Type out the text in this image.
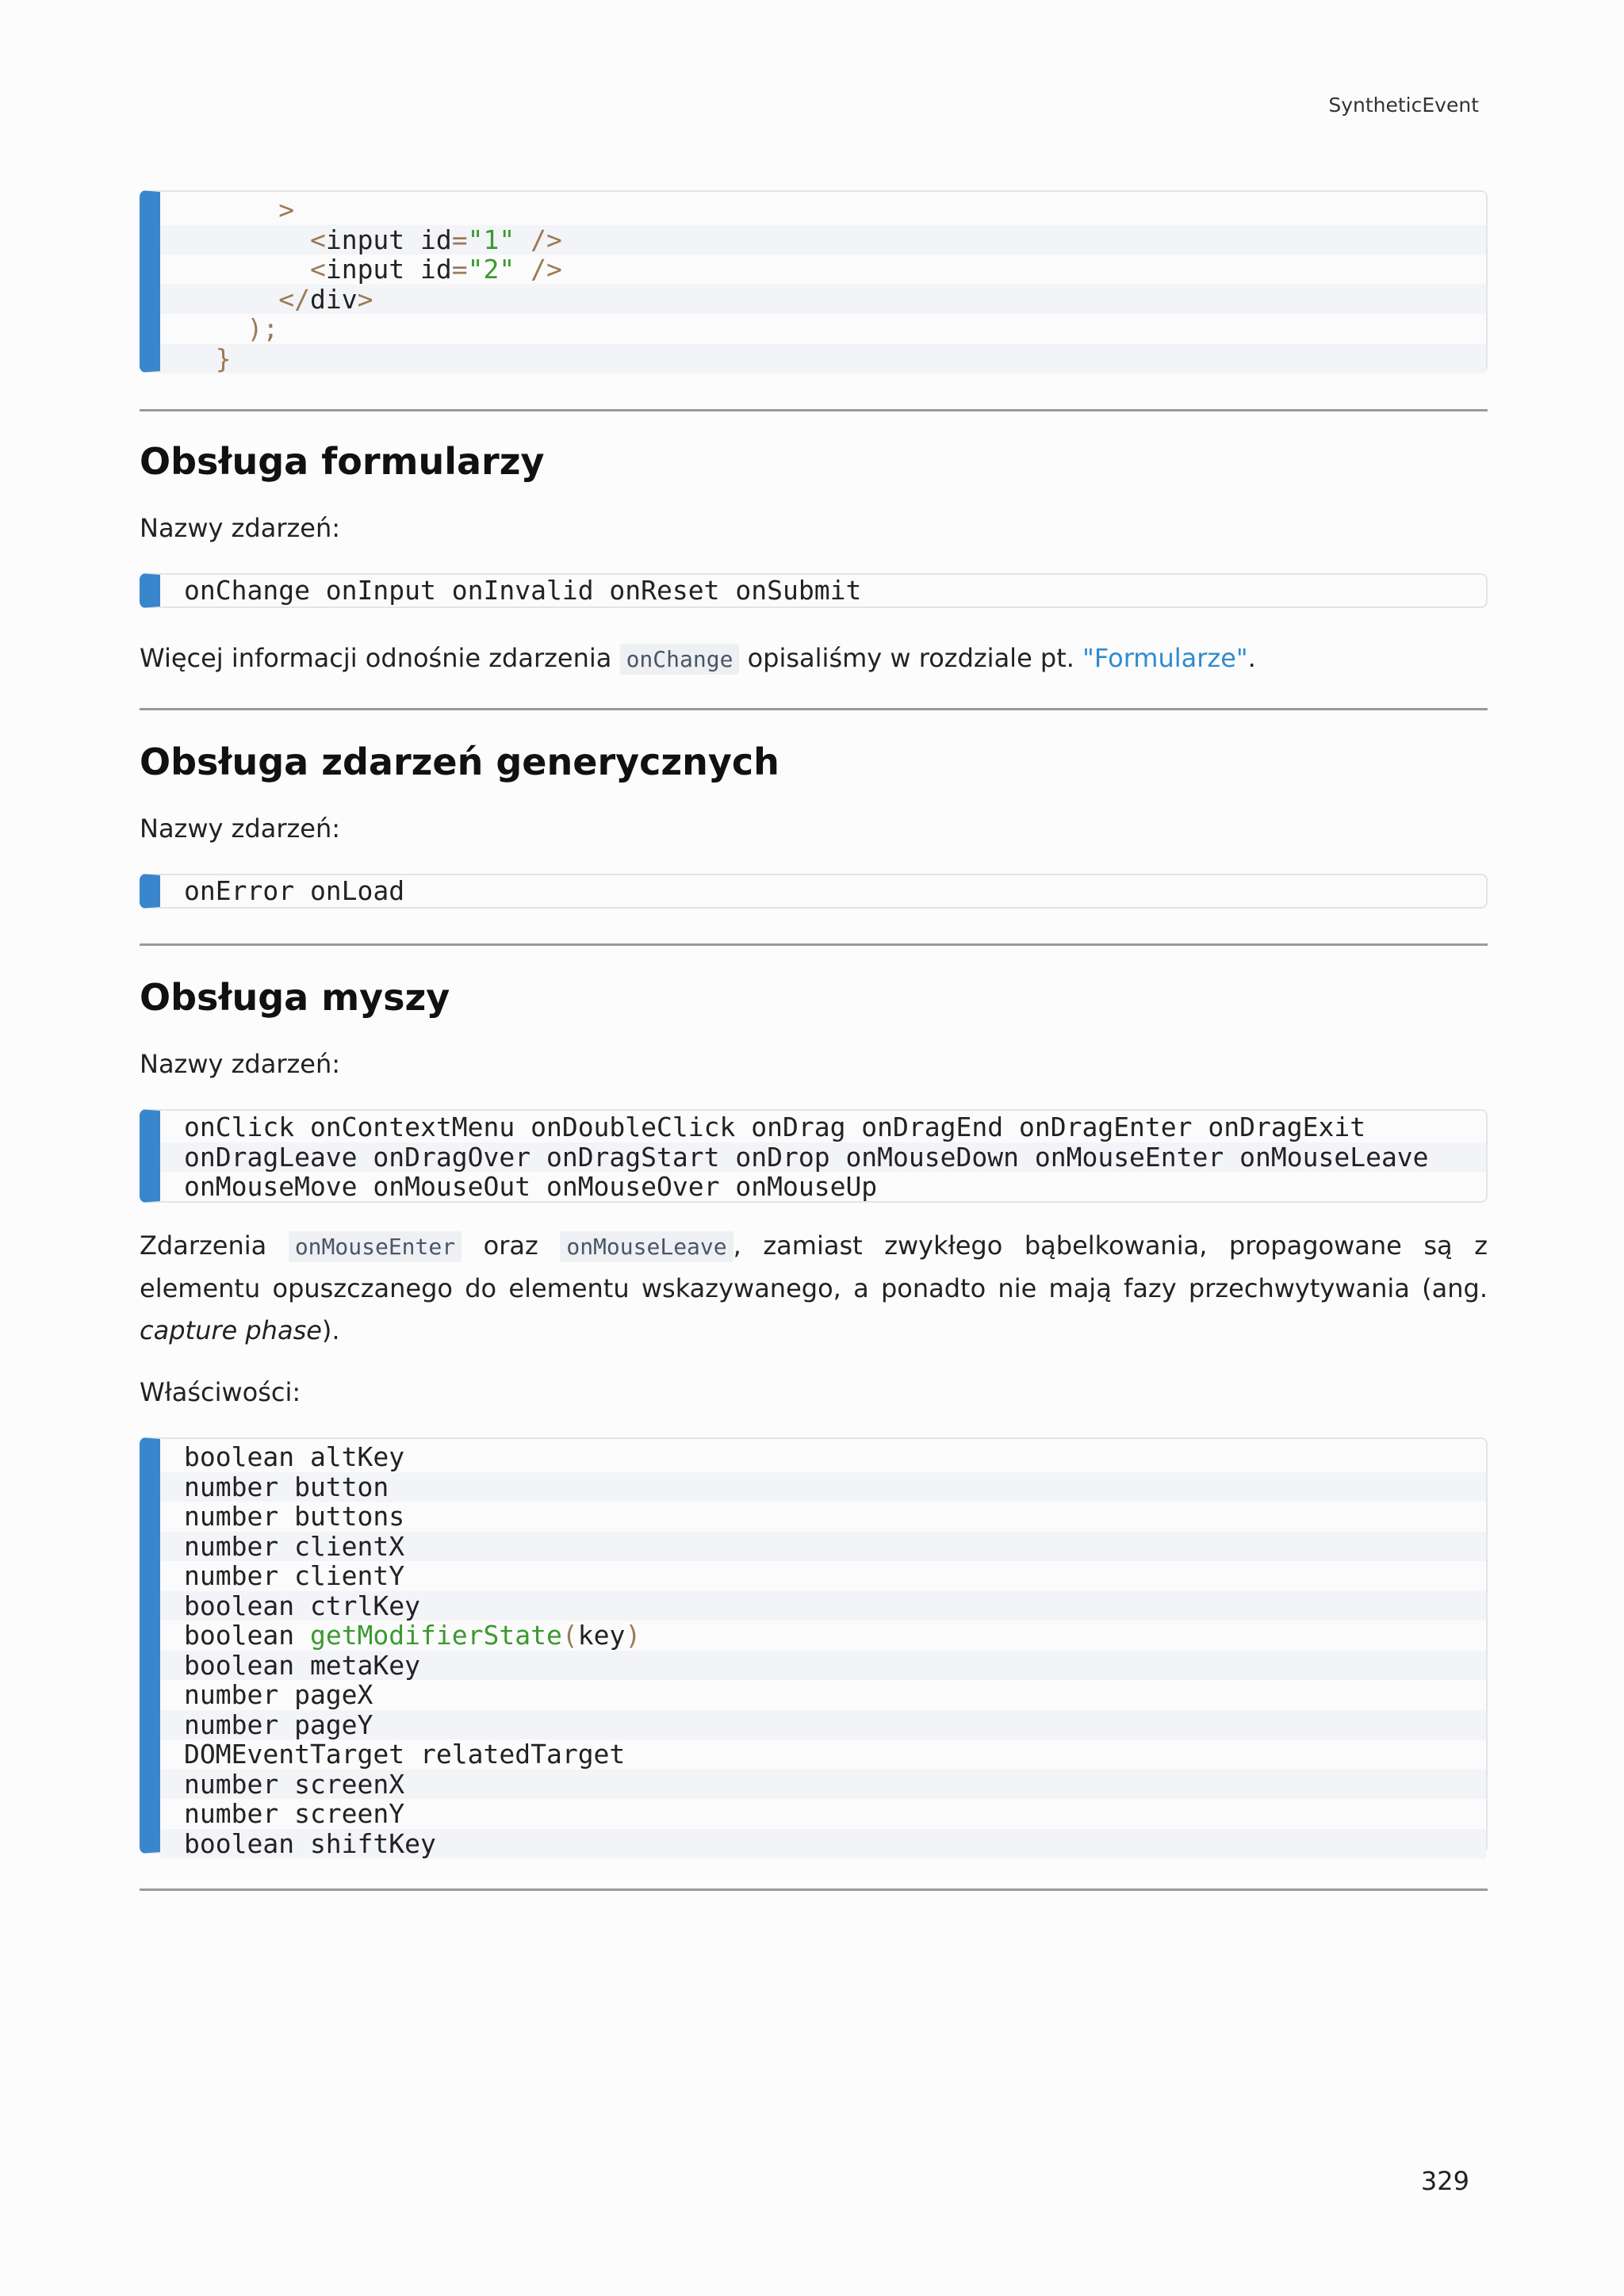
SyntheticEvent
>
<input id="1" />
<input id="2" />
</div>
);
}
Obsługa formularzy

Nazwy zdarzeń:

onChange onInput onInvalid onReset onSubmit

Więcej informacji odnośnie zdarzenia onChange opisaliśmy w rozdziale pt. "Formularze".

Obsługa zdarzeń generycznych

Nazwy zdarzeń:

onError onLoad
Obsługa myszy

Nazwy zdarzeń:

onClick onContextMenu onDoubleClick onDrag onDragEnd onDragEnter onDragExit
onDragLeave onDragOver onDragStart onDrop onMouseDown onMouseEnter onMouseLeave
onMouseMove onMouseOut onMouseOver onMouseUp

Zdarzenia onMouseEnter oraz onMouseLeave , zamiast zwykłego bąbelkowania, propagowane są z elementu opuszczanego do elementu wskazywanego, a ponadto nie mają fazy przechwytywania (ang. capture phase).

Właściwości:

boolean altKey
number button
number buttons
number clientX
number clientY
boolean ctrlKey
boolean getModifierState(key)
boolean metaKey
number pageX
number pageY
DOMEventTarget relatedTarget
number screenX
number screenY
boolean shiftKey
329
